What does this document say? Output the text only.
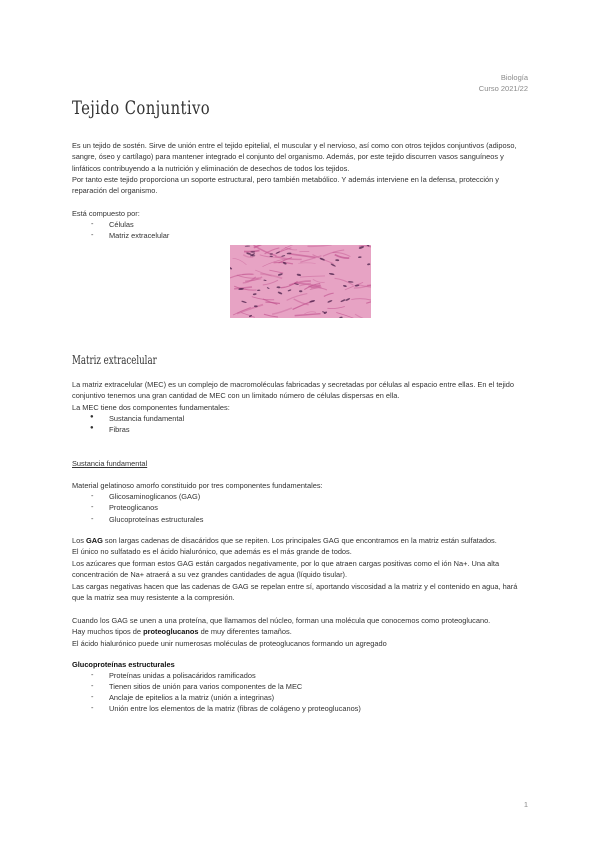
Biología
Curso 2021/22
Tejido Conjuntivo
Es un tejido de sostén. Sirve de unión entre el tejido epitelial, el muscular y el nervioso, así como con otros tejidos conjuntivos (adiposo, sangre, óseo y cartílago) para mantener integrado el conjunto del organismo. Además, por este tejido discurren vasos sanguíneos y linfáticos contribuyendo a la nutrición y eliminación de desechos de todos los tejidos.
Por tanto este tejido proporciona un soporte estructural, pero también metabólico. Y además interviene en la defensa, protección y reparación del organismo.
Está compuesto por:
- Células
- Matriz extracelular
Matriz extracelular
La matriz extracelular (MEC) es un complejo de macromoléculas fabricadas y secretadas por células al espacio entre ellas. En el tejido conjuntivo tenemos una gran cantidad de MEC con un limitado número de células dispersas en ella.
La MEC tiene dos componentes fundamentales:
● Sustancia fundamental
● Fibras
Sustancia fundamental
Material gelatinoso amorfo constituido por tres componentes fundamentales:
- Glicosaminoglicanos (GAG)
- Proteoglicanos
- Glucoproteínas estructurales
Los GAG son largas cadenas de disacáridos que se repiten. Los principales GAG que encontramos en la matriz están sulfatados.
El único no sulfatado es el ácido hialurónico, que además es el más grande de todos.
Los azúcares que forman estos GAG están cargados negativamente, por lo que atraen cargas positivas como el ión Na+. Una alta concentración de Na+ atraerá a su vez grandes cantidades de agua (líquido tisular).
Las cargas negativas hacen que las cadenas de GAG se repelan entre sí, aportando viscosidad a la matriz y el contenido en agua, hará que la matriz sea muy resistente a la compresión.
Cuando los GAG se unen a una proteína, que llamamos del núcleo, forman una molécula que conocemos como proteoglucano.
Hay muchos tipos de proteoglucanos de muy diferentes tamaños.
El ácido hialurónico puede unir numerosas moléculas de proteoglucanos formando un agregado
Glucoproteínas estructurales
- Proteínas unidas a polisacáridos ramificados
- Tienen sitios de unión para varios componentes de la MEC
- Anclaje de epitelios a la matriz (unión a integrinas)
- Unión entre los elementos de la matriz (fibras de colágeno y proteoglucanos)
1
